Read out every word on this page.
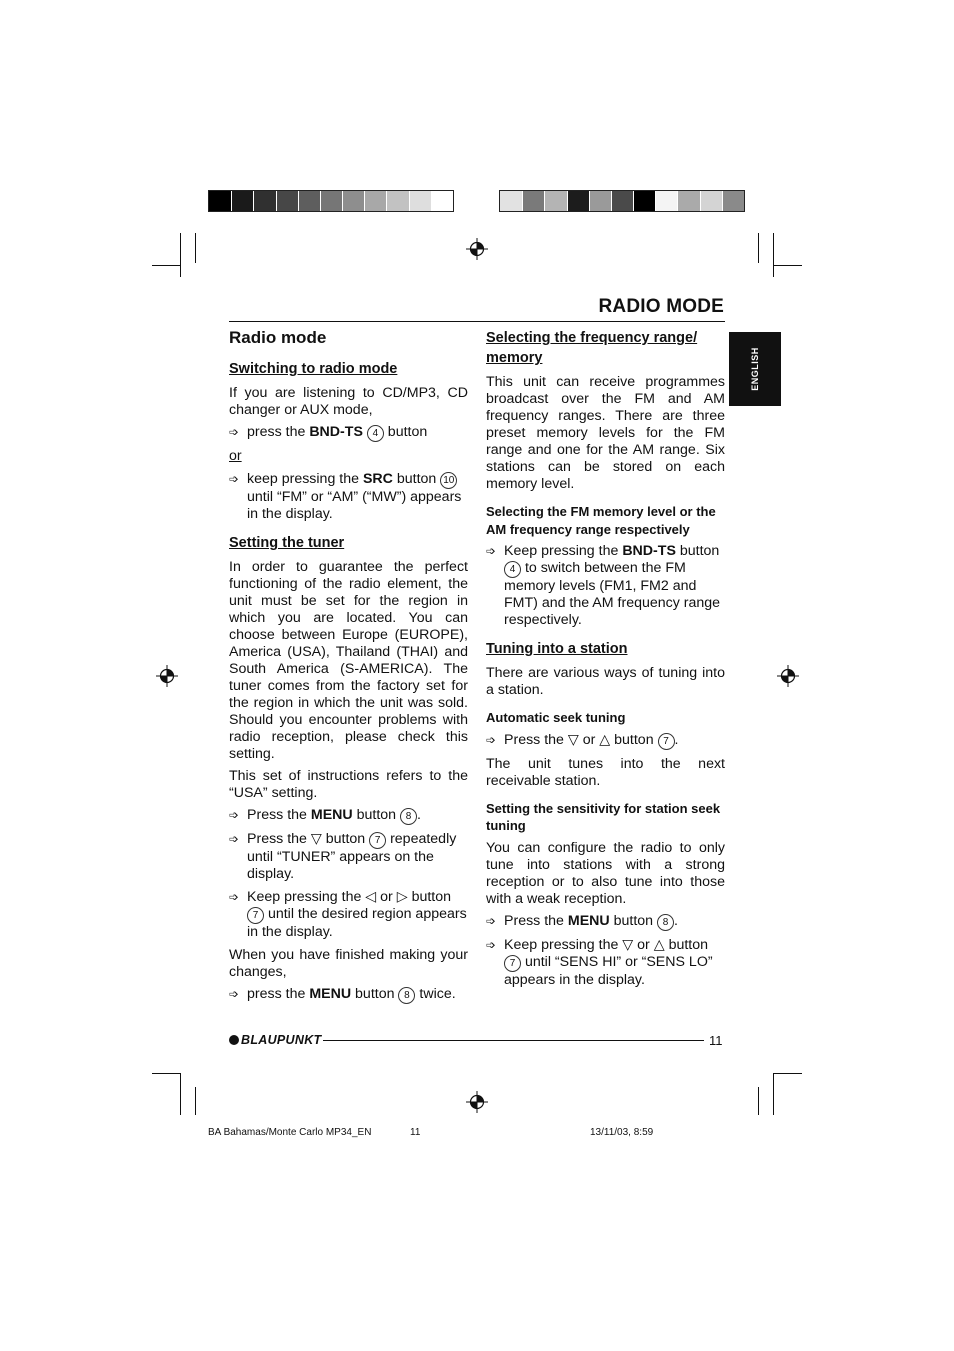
RADIO MODE
ENGLISH
Radio mode
Switching to radio mode

If you are listening to CD/MP3, CD changer or AUX mode,

➩ press the BND-TS 4 button
or
➩ keep pressing the SRC button 10 until “FM” or “AM” (“MW”) appears in the display.
Setting the tuner

In order to guarantee the perfect functioning of the radio element, the unit must be set for the region in which you are located. You can choose between Europe (EUROPE), America (USA), Thailand (THAI) and South America (S-AMERICA). The tuner comes from the factory set for the region in which the unit was sold. Should you encounter problems with radio reception, please check this setting.

This set of instructions refers to the “USA” setting.

➩ Press the MENU button 8 .
➩ Press the ▽ button 7 repeatedly until “TUNER” appears on the display.
➩ Keep pressing the ◁ or ▷ button 7 until the desired region appears in the display.

When you have finished making your changes,

➩ press the MENU button 8 twice.
Selecting the frequency range/ memory

This unit can receive programmes broadcast over the FM and AM frequency ranges. There are three preset memory levels for the FM range and one for the AM range. Six stations can be stored on each memory level.

Selecting the FM memory level or the AM frequency range respectively
➩ Keep pressing the BND-TS button 4 to switch between the FM memory levels (FM1, FM2 and FMT) and the AM frequency range respectively.
Tuning into a station

There are various ways of tuning into a station.

Automatic seek tuning
➩ Press the ▽ or △ button 7 .

The unit tunes into the next receivable station.

Setting the sensitivity for station seek tuning

You can configure the radio to only tune into stations with a strong reception or to also tune into those with a weak reception.

➩ Press the MENU button 8 .
➩ Keep pressing the ▽ or △ button 7 until “SENS HI” or “SENS LO” appears in the display.
BLAUPUNKT	11
BA Bahamas/Monte Carlo MP34_EN	11	13/11/03, 8:59
